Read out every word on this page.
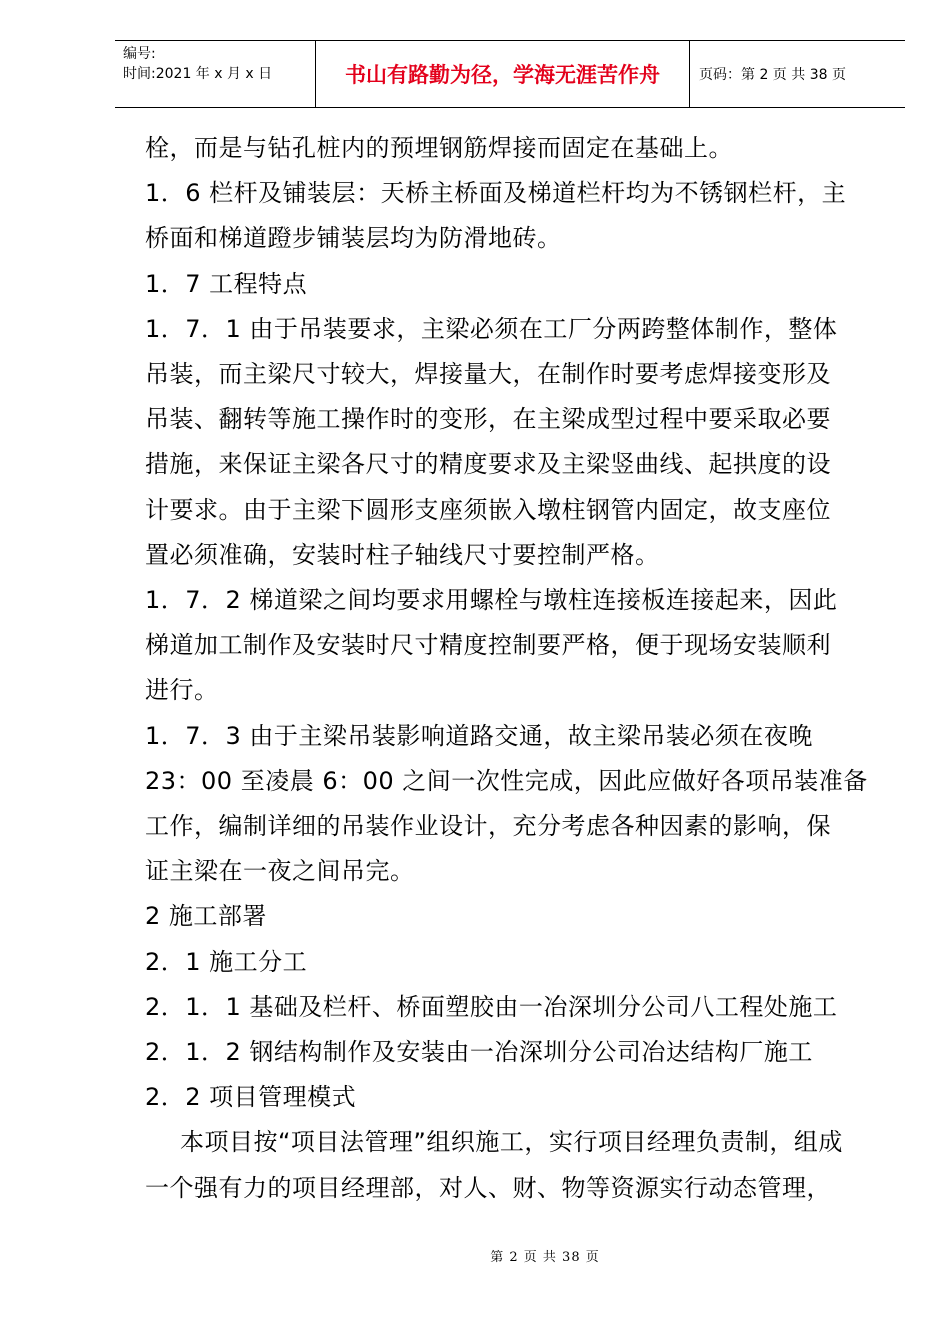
编号:
时间:2021 年 x 月 x 日	书山有路勤为径，学海无涯苦作舟	页码：第 2 页 共 38 页

栓，而是与钻孔桩内的预埋钢筋焊接而固定在基础上。

1．6 栏杆及铺装层：天桥主桥面及梯道栏杆均为不锈钢栏杆，主

桥面和梯道蹬步铺装层均为防滑地砖。

1．7 工程特点

1．7．1 由于吊装要求，主梁必须在工厂分两跨整体制作，整体

吊装，而主梁尺寸较大，焊接量大，在制作时要考虑焊接变形及

吊装、翻转等施工操作时的变形，在主梁成型过程中要采取必要

措施，来保证主梁各尺寸的精度要求及主梁竖曲线、起拱度的设

计要求。由于主梁下圆形支座须嵌入墩柱钢管内固定，故支座位

置必须准确，安装时柱子轴线尺寸要控制严格。

1．7．2 梯道梁之间均要求用螺栓与墩柱连接板连接起来，因此

梯道加工制作及安装时尺寸精度控制要严格，便于现场安装顺利

进行。

1．7．3 由于主梁吊装影响道路交通，故主梁吊装必须在夜晚

23：00 至凌晨 6：00 之间一次性完成，因此应做好各项吊装准备

工作，编制详细的吊装作业设计，充分考虑各种因素的影响，保

证主梁在一夜之间吊完。

2 施工部署

2．1 施工分工

2．1．1 基础及栏杆、桥面塑胶由一冶深圳分公司八工程处施工

2．1．2 钢结构制作及安装由一冶深圳分公司冶达结构厂施工

2．2 项目管理模式

本项目按“项目法管理”组织施工，实行项目经理负责制，组成

一个强有力的项目经理部，对人、财、物等资源实行动态管理，

第 2 页 共 38 页
